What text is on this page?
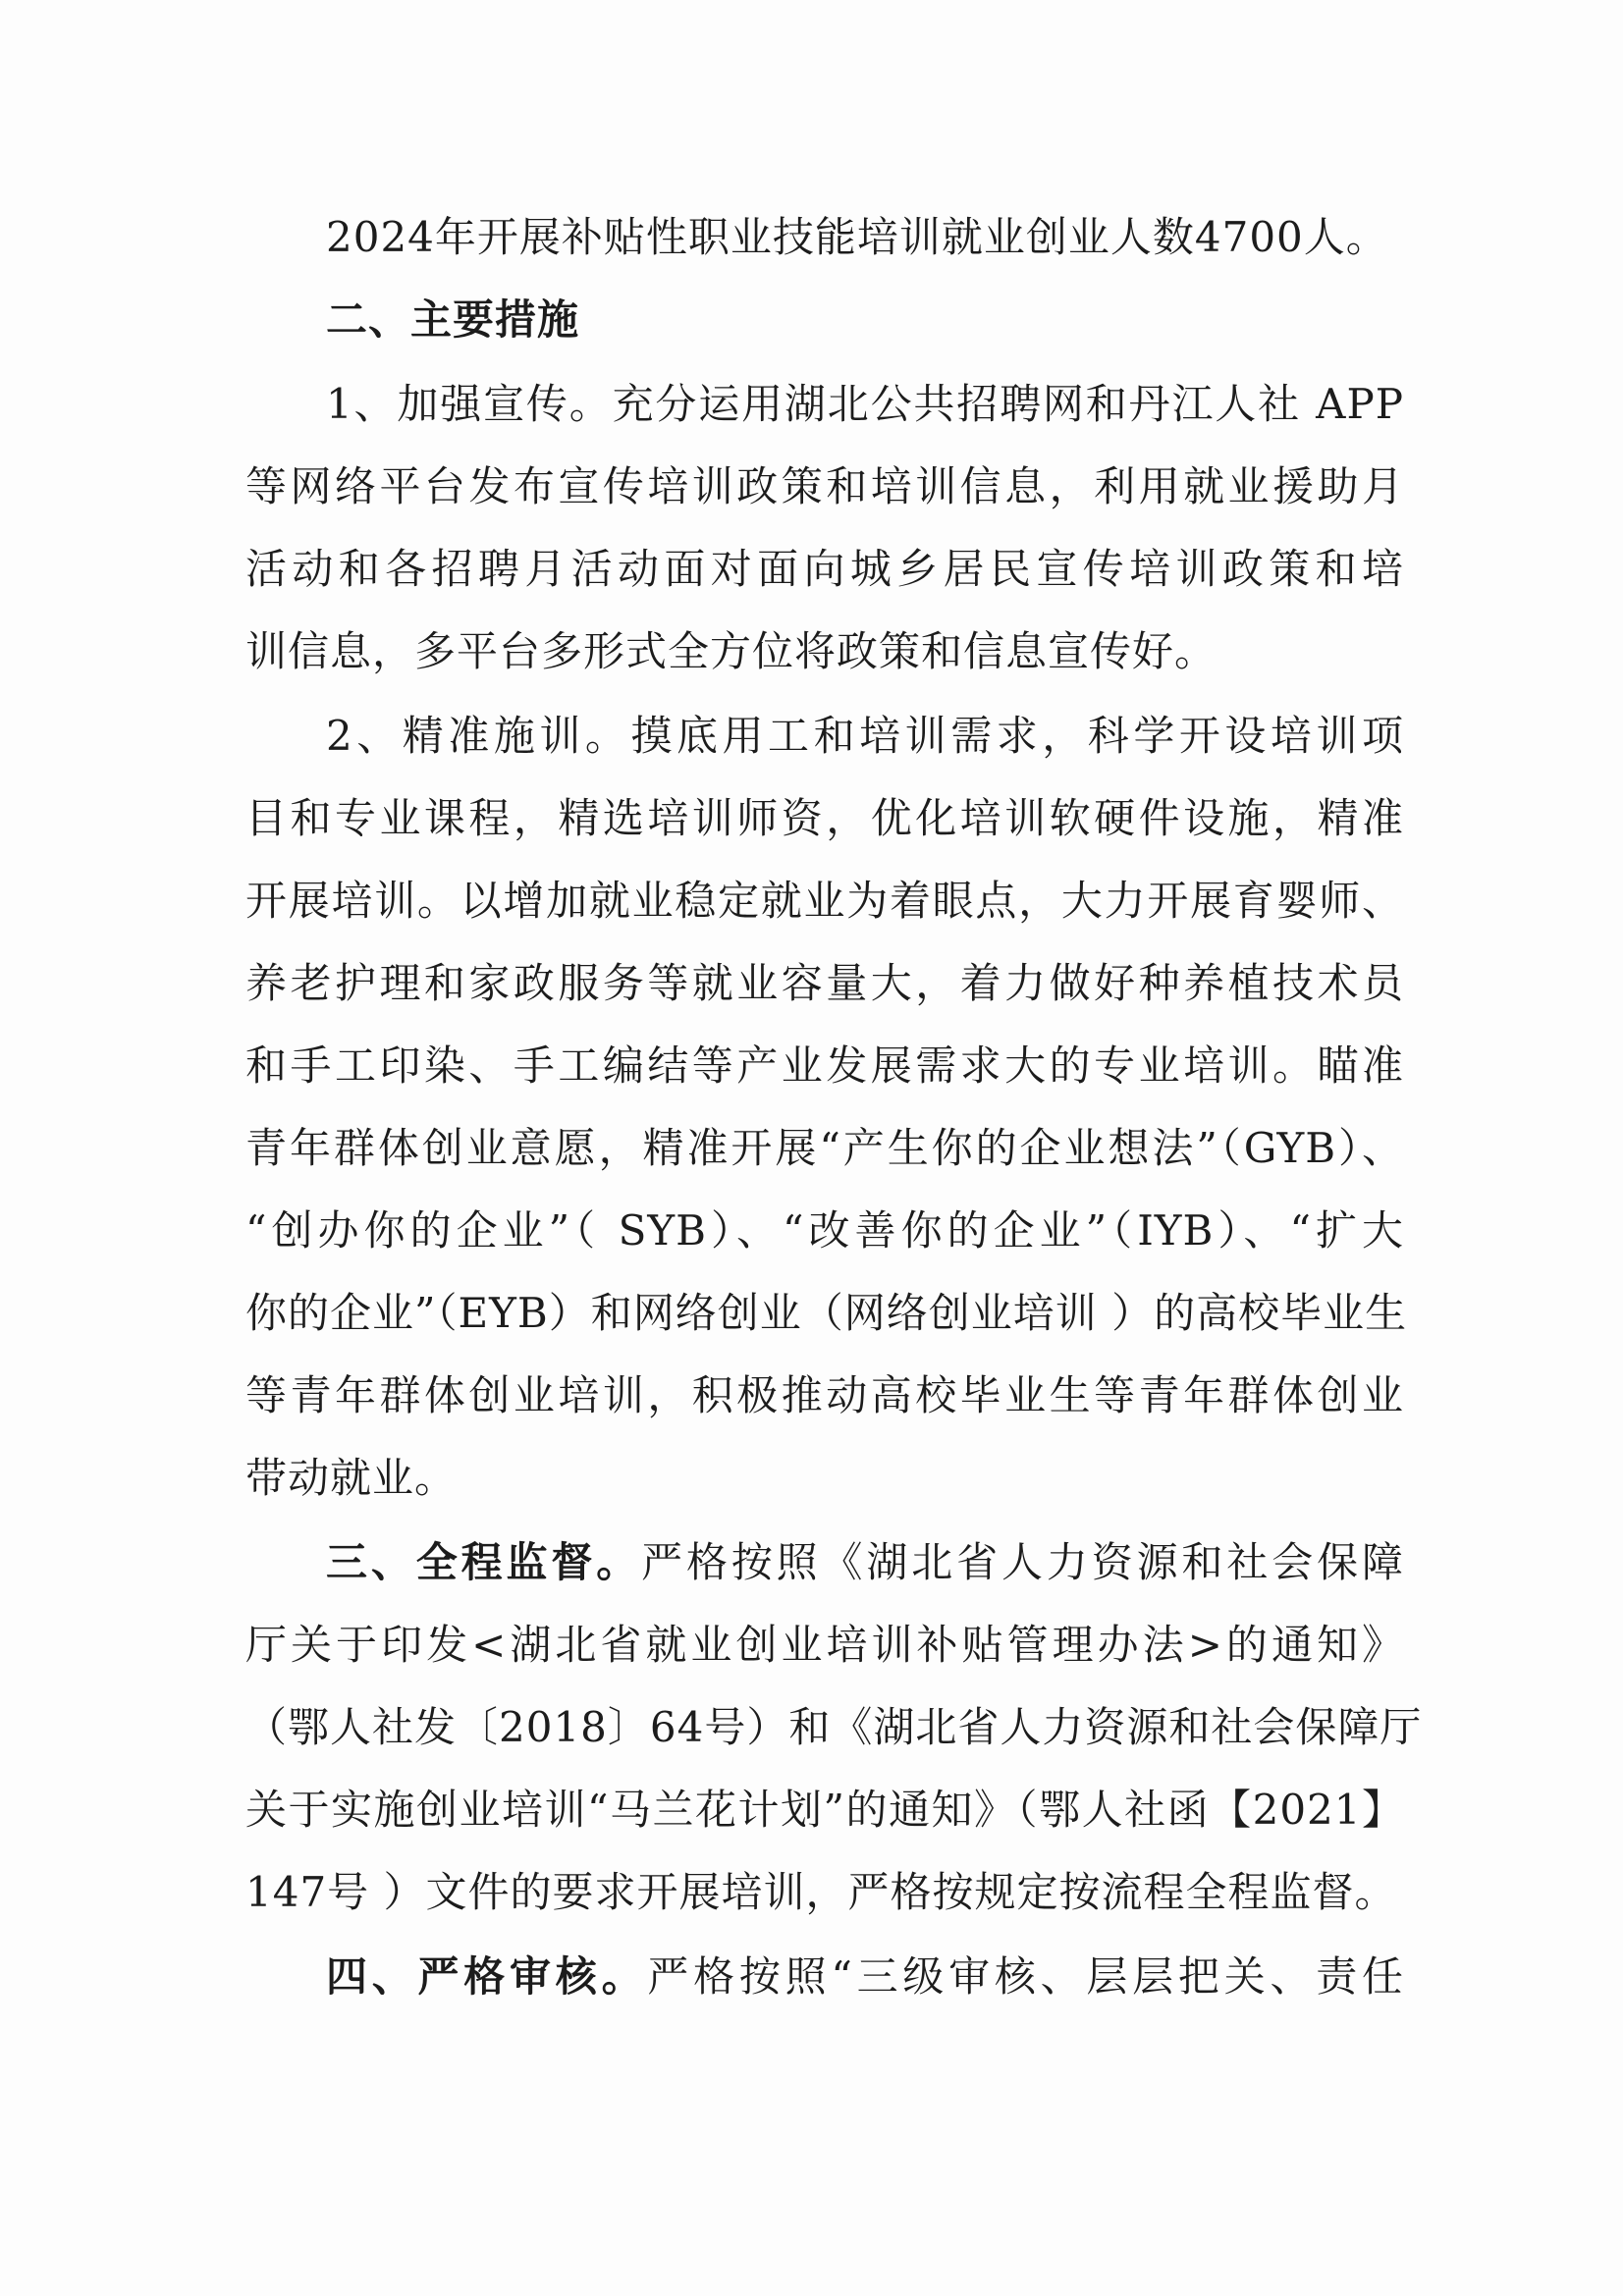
2024年开展补贴性职业技能培训就业创业人数4700人。
二、主要措施
1、加强宣传。充分运用湖北公共招聘网和丹江人社 APP
等网络平台发布宣传培训政策和培训信息，利用就业援助月
活动和各招聘月活动面对面向城乡居民宣传培训政策和培
训信息，多平台多形式全方位将政策和信息宣传好。
2、精准施训。摸底用工和培训需求，科学开设培训项
目和专业课程，精选培训师资，优化培训软硬件设施，精准
开展培训。以增加就业稳定就业为着眼点，大力开展育婴师、
养老护理和家政服务等就业容量大，着力做好种养植技术员
和手工印染、手工编结等产业发展需求大的专业培训。瞄准
青年群体创业意愿，精准开展“产生你的企业想法”（GYB）、
“创办你的企业”（ SYB）、“改善你的企业”（IYB）、“扩大
你的企业”（EYB）和网络创业（网络创业培训 ）的高校毕业生
等青年群体创业培训，积极推动高校毕业生等青年群体创业
带动就业。
三、全程监督。严格按照《湖北省人力资源和社会保障
厅关于印发<湖北省就业创业培训补贴管理办法>的通知》
（鄂人社发〔2018〕64号）和《湖北省人力资源和社会保障厅
关于实施创业培训“马兰花计划”的通知》（鄂人社函【2021】
147号 ）文件的要求开展培训，严格按规定按流程全程监督。
四、严格审核。严格按照“三级审核、层层把关、责任
